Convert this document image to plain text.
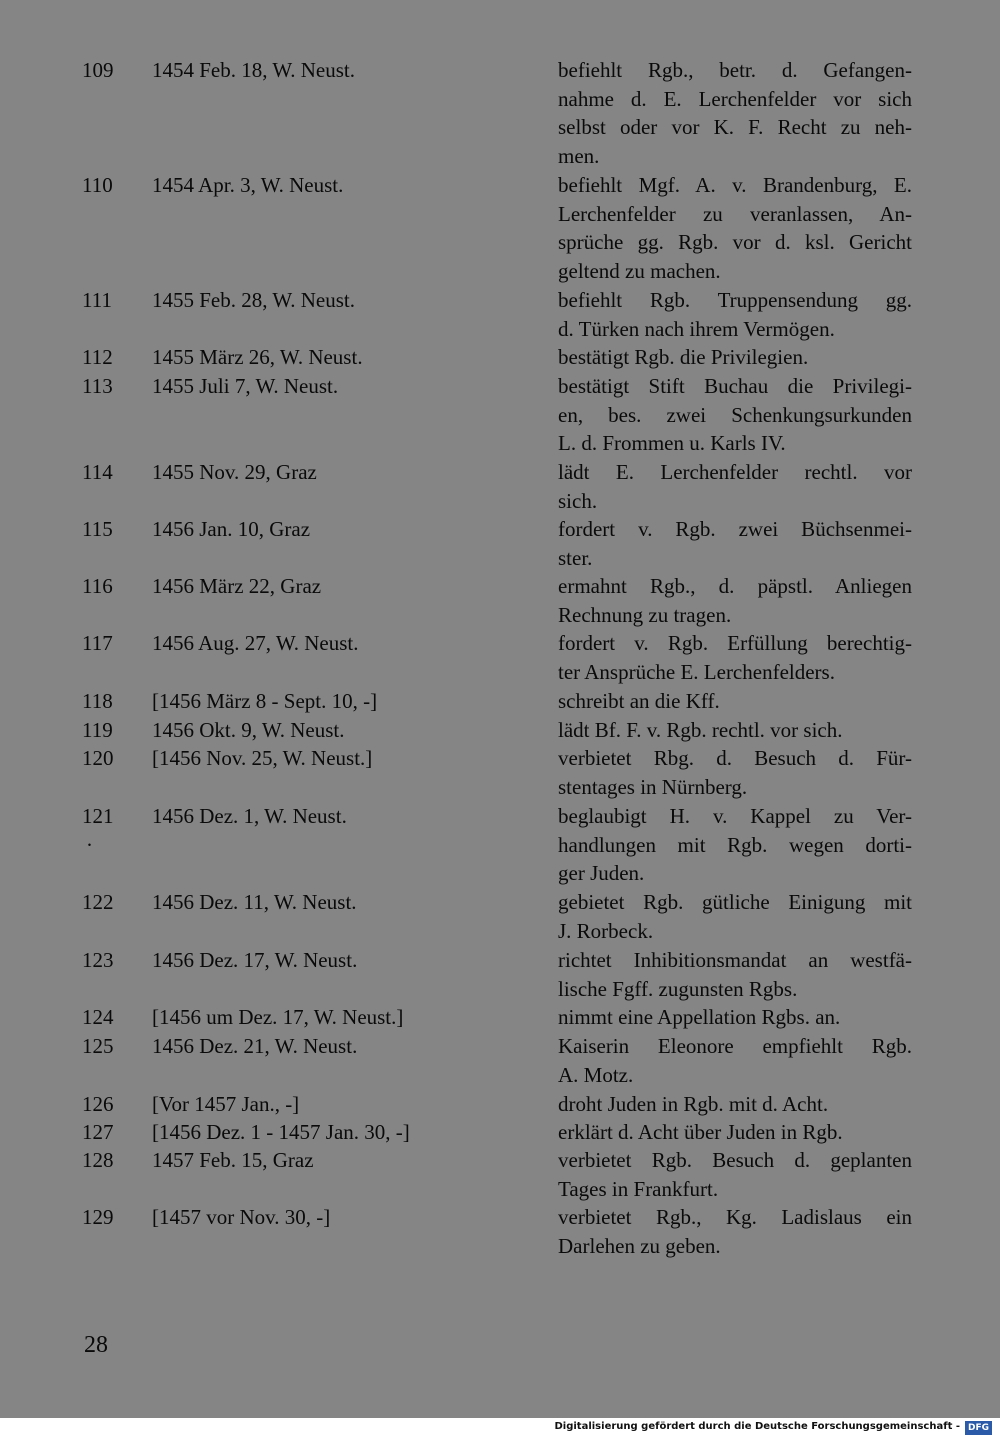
109 1454 Feb. 18, W. Neust.	befiehlt Rgb., betr. d. Gefangen-
nahme d. E. Lerchenfelder vor sich
selbst oder vor K. F. Recht zu neh-
men.
110 1454 Apr. 3, W. Neust.	befiehlt Mgf. A. v. Brandenburg, E.
Lerchenfelder zu veranlassen, An-
sprüche gg. Rgb. vor d. ksl. Gericht
geltend zu machen.
111 1455 Feb. 28, W. Neust.	befiehlt Rgb. Truppensendung gg.
d. Türken nach ihrem Vermögen.
112 1455 März 26, W. Neust.	bestätigt Rgb. die Privilegien.
113 1455 Juli 7, W. Neust.	bestätigt Stift Buchau die Privilegi-
en, bes. zwei Schenkungsurkunden
L. d. Frommen u. Karls IV.
114 1455 Nov. 29, Graz	lädt E. Lerchenfelder rechtl. vor
sich.
115 1456 Jan. 10, Graz	fordert v. Rgb. zwei Büchsenmei-
ster.
116 1456 März 22, Graz	ermahnt Rgb., d. päpstl. Anliegen
Rechnung zu tragen.
117 1456 Aug. 27, W. Neust.	fordert v. Rgb. Erfüllung berechtig-
ter Ansprüche E. Lerchenfelders.
118 [1456 März 8 - Sept. 10, -]	schreibt an die Kff.
119 1456 Okt. 9, W. Neust.	lädt Bf. F. v. Rgb. rechtl. vor sich.
120 [1456 Nov. 25, W. Neust.]	verbietet Rbg. d. Besuch d. Für-
stentages in Nürnberg.
121 1456 Dez. 1, W. Neust.	beglaubigt H. v. Kappel zu Ver-
handlungen mit Rgb. wegen dorti-
ger Juden.
122 1456 Dez. 11, W. Neust.	gebietet Rgb. gütliche Einigung mit
J. Rorbeck.
123 1456 Dez. 17, W. Neust.	richtet Inhibitionsmandat an westfä-
lische Fgff. zugunsten Rgbs.
124 [1456 um Dez. 17, W. Neust.]	nimmt eine Appellation Rgbs. an.
125 1456 Dez. 21, W. Neust.	Kaiserin Eleonore empfiehlt Rgb.
A. Motz.
126 [Vor 1457 Jan., -]	droht Juden in Rgb. mit d. Acht.
127 [1456 Dez. 1 - 1457 Jan. 30, -]	erklärt d. Acht über Juden in Rgb.
128 1457 Feb. 15, Graz	verbietet Rgb. Besuch d. geplanten
Tages in Frankfurt.
129 [1457 vor Nov. 30, -]	verbietet Rgb., Kg. Ladislaus ein
Darlehen zu geben.
·
28
Digitalisierung gefördert durch die Deutsche Forschungsgemeinschaft - DFG
